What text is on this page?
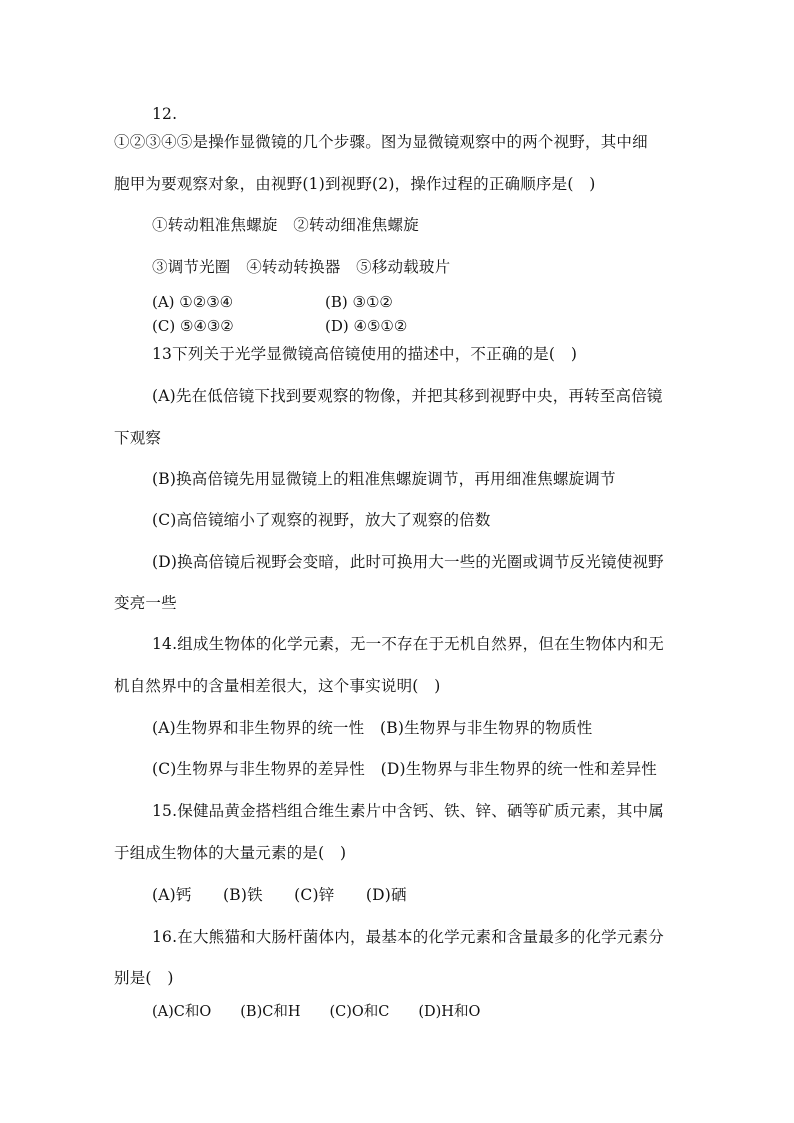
12.
①②③④⑤是操作显微镜的几个步骤。图为显微镜观察中的两个视野，其中细
胞甲为要观察对象，由视野(1)到视野(2)，操作过程的正确顺序是(　)
①转动粗准焦螺旋　②转动细准焦螺旋
③调节光圈　④转动转换器　⑤移动载玻片
(A) ①②③④	(B) ③①②
(C) ⑤④③②	(D) ④⑤①②
13下列关于光学显微镜高倍镜使用的描述中，不正确的是(　)
(A)先在低倍镜下找到要观察的物像，并把其移到视野中央，再转至高倍镜
下观察
(B)换高倍镜先用显微镜上的粗准焦螺旋调节，再用细准焦螺旋调节
(C)高倍镜缩小了观察的视野，放大了观察的倍数
(D)换高倍镜后视野会变暗，此时可换用大一些的光圈或调节反光镜使视野
变亮一些
14.组成生物体的化学元素，无一不存在于无机自然界，但在生物体内和无
机自然界中的含量相差很大，这个事实说明(　)
(A)生物界和非生物界的统一性　(B)生物界与非生物界的物质性
(C)生物界与非生物界的差异性　(D)生物界与非生物界的统一性和差异性
15.保健品黄金搭档组合维生素片中含钙、铁、锌、硒等矿质元素，其中属
于组成生物体的大量元素的是(　)
(A)钙　　(B)铁　　(C)锌　　(D)硒
16.在大熊猫和大肠杆菌体内，最基本的化学元素和含量最多的化学元素分
别是(　)
(A)C和O　　(B)C和H　　(C)O和C　　(D)H和O
